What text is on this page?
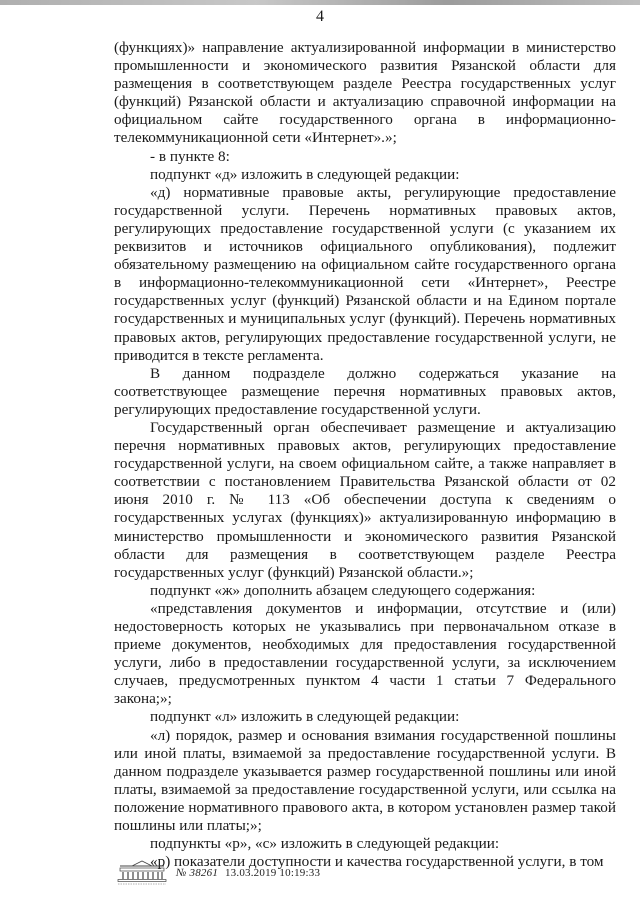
4

(функциях)» направление актуализированной информации в министерство промышленности и экономического развития Рязанской области для размещения в соответствующем разделе Реестра государственных услуг (функций) Рязанской области и актуализацию справочной информации на официальном сайте государственного органа в информационно-телекоммуникационной сети «Интернет».»;

- в пункте 8:

подпункт «д» изложить в следующей редакции:

«д) нормативные правовые акты, регулирующие предоставление государственной услуги. Перечень нормативных правовых актов, регулирующих предоставление государственной услуги (с указанием их реквизитов и источников официального опубликования), подлежит обязательному размещению на официальном сайте государственного органа в информационно-телекоммуникационной сети «Интернет», Реестре государственных услуг (функций) Рязанской области и на Едином портале государственных и муниципальных услуг (функций). Перечень нормативных правовых актов, регулирующих предоставление государственной услуги, не приводится в тексте регламента.

В данном подразделе должно содержаться указание на соответствующее размещение перечня нормативных правовых актов, регулирующих предоставление государственной услуги.

Государственный орган обеспечивает размещение и актуализацию перечня нормативных правовых актов, регулирующих предоставление государственной услуги, на своем официальном сайте, а также направляет в соответствии с постановлением Правительства Рязанской области от 02 июня 2010 г. № 113 «Об обеспечении доступа к сведениям о государственных услугах (функциях)» актуализированную информацию в министерство промышленности и экономического развития Рязанской области для размещения в соответствующем разделе Реестра государственных услуг (функций) Рязанской области.»;

подпункт «ж» дополнить абзацем следующего содержания:

«представления документов и информации, отсутствие и (или) недостоверность которых не указывались при первоначальном отказе в приеме документов, необходимых для предоставления государственной услуги, либо в предоставлении государственной услуги, за исключением случаев, предусмотренных пунктом 4 части 1 статьи 7 Федерального закона;»;

подпункт «л» изложить в следующей редакции:

«л) порядок, размер и основания взимания государственной пошлины или иной платы, взимаемой за предоставление государственной услуги. В данном подразделе указывается размер государственной пошлины или иной платы, взимаемой за предоставление государственной услуги, или ссылка на положение нормативного правового акта, в котором установлен размер такой пошлины или платы;»;

подпункты «р», «с» изложить в следующей редакции:

«р) показатели доступности и качества государственной услуги, в том

№ 38261 13.03.2019 10:19:33
